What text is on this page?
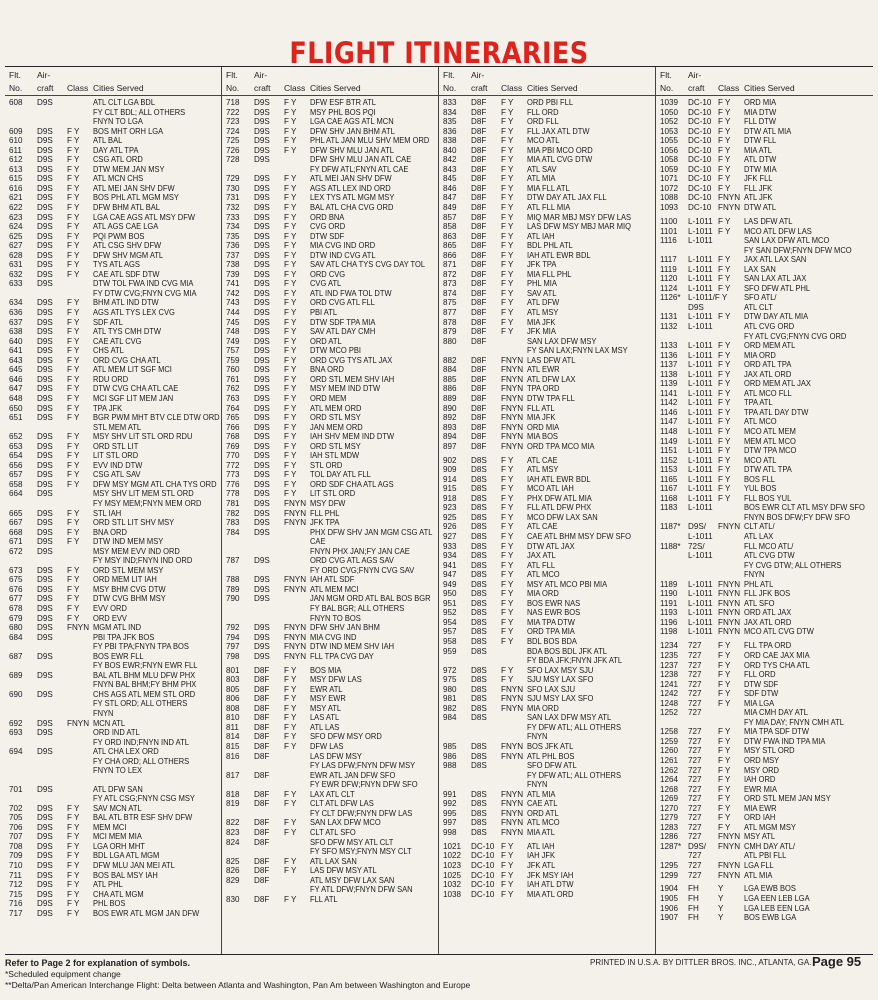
FLIGHT ITINERARIES
Flt.
No.
Air-
craft Class Cities Served
608	D9S	ATL CLT LGA BDL
FY CLT BDL; ALL OTHERS
FNYN TO LGA
609	D9S	F Y	BOS MHT ORH LGA
610	D9S	F Y	ATL BAL
611	D9S	F Y	DAY ATL TPA
612	D9S	F Y	CSG ATL ORD
613	D9S	F Y	DTW MEM JAN MSY
615	D9S	F Y	ATL MCN CHS
616	D9S	F Y	ATL MEI JAN SHV DFW
621	D9S	F Y	BOS PHL ATL MGM MSY
622	D9S	F Y	DFW BHM ATL BAL
623	D9S	F Y	LGA CAE AGS ATL MSY DFW
624	D9S	F Y	ATL AGS CAE LGA
625	D9S	F Y	PQI PWM BOS
627	D9S	F Y	ATL CSG SHV DFW
628	D9S	F Y	DFW SHV MGM ATL
631	D9S	F Y	TYS ATL AGS
632	D9S	F Y	CAE ATL SDF DTW
633	D9S	DTW TOL FWA IND CVG MIA
FY DTW CVG;FNYN CVG MIA
634	D9S	F Y	BHM ATL IND DTW
636	D9S	F Y	AGS ATL TYS LEX CVG
637	D9S	F Y	SDF ATL
638	D9S	F Y	ATL TYS CMH DTW
640	D9S	F Y	CAE ATL CVG
641	D9S	F Y	CHS ATL
643	D9S	F Y	ORD CVG CHA ATL
645	D9S	F Y	ATL MEM LIT SGF MCI
646	D9S	F Y	RDU ORD
647	D9S	F Y	DTW CVG CHA ATL CAE
648	D9S	F Y	MCI SGF LIT MEM JAN
650	D9S	F Y	TPA JFK
651	D9S	F Y	BGR PWM MHT BTV CLE DTW ORD
STL MEM ATL
652	D9S	F Y	MSY SHV LIT STL ORD RDU
653	D9S	F Y	ORD STL LIT
654	D9S	F Y	LIT STL ORD
656	D9S	F Y	EVV IND DTW
657	D9S	F Y	CSG ATL SAV
658	D9S	F Y	DFW MSY MGM ATL CHA TYS ORD
664	D9S	MSY SHV LIT MEM STL ORD
FY MSY MEM;FNYN MEM ORD
665	D9S	F Y	STL IAH
667	D9S	F Y	ORD STL LIT SHV MSY
668	D9S	F Y	BNA ORD
671	D9S	F Y	DTW IND MEM MSY
672	D9S	MSY MEM EVV IND ORD
FY MSY IND;FNYN IND ORD
673	D9S	F Y	ORD STL MEM MSY
675	D9S	F Y	ORD MEM LIT IAH
676	D9S	F Y	MSY BHM CVG DTW
677	D9S	F Y	DTW CVG BHM MSY
678	D9S	F Y	EVV ORD
679	D9S	F Y	ORD EVV
680	D9S	FNYN MGM ATL IND
684	D9S	PBI TPA JFK BOS
FY PBI TPA;FNYN TPA BOS
687	D9S	BOS EWR FLL
FY BOS EWR;FNYN EWR FLL
689	D9S	BAL ATL BHM MLU DFW PHX
FNYN BAL BHM;FY BHM PHX
690	D9S	CHS AGS ATL MEM STL ORD
FY STL ORD; ALL OTHERS
FNYN
692	D9S	FNYN MCN ATL
693	D9S	ORD IND ATL
FY ORD IND;FNYN IND ATL
694	D9S	ATL CHA LEX ORD
FY CHA ORD; ALL OTHERS
FNYN TO LEX
701	D9S	ATL DFW SAN
FY ATL CSG;FNYN CSG MSY
702	D9S	F Y	SAV MCN ATL
705	D9S	F Y	BAL ATL BTR ESF SHV DFW
706	D9S	F Y	MEM MCI
707	D9S	F Y	MCI MEM MIA
708	D9S	F Y	LGA ORH MHT
709	D9S	F Y	BDL LGA ATL MGM
710	D9S	F Y	DFW MLU JAN MEI ATL
711	D9S	F Y	BOS BAL MSY IAH
712	D9S	F Y	ATL PHL
715	D9S	F Y	CHA ATL MGM
716	D9S	F Y	PHL BOS
717	D9S	F Y	BOS EWR ATL MGM JAN DFW
Flt.
No.
Air-
craft Class Cities Served
718	D9S	F Y	DFW ESF BTR ATL
722	D9S	F Y	MSY PHL BOS PQI
723	D9S	F Y	LGA CAE AGS ATL MCN
724	D9S	F Y	DFW SHV JAN BHM ATL
725	D9S	F Y	PHL ATL JAN MLU SHV MEM ORD
726	D9S	F Y	DFW SHV MLU JAN ATL
728	D9S	DFW SHV MLU JAN ATL CAE
FY DFW ATL;FNYN ATL CAE
729	D9S	F Y	ATL MEI JAN SHV DFW
730	D9S	F Y	AGS ATL LEX IND ORD
731	D9S	F Y	LEX TYS ATL MGM MSY
732	D9S	F Y	BAL ATL CHA CVG ORD
733	D9S	F Y	ORD BNA
734	D9S	F Y	CVG ORD
735	D9S	F Y	DTW SDF
736	D9S	F Y	MIA CVG IND ORD
737	D9S	F Y	DTW IND CVG ATL
738	D9S	F Y	SAV ATL CHA TYS CVG DAY TOL
739	D9S	F Y	ORD CVG
741	D9S	F Y	CVG ATL
742	D9S	F Y	ATL IND FWA TOL DTW
743	D9S	F Y	ORD CVG ATL FLL
744	D9S	F Y	PBI ATL
745	D9S	F Y	DTW SDF TPA MIA
748	D9S	F Y	SAV ATL DAY CMH
749	D9S	F Y	ORD ATL
757	D9S	F Y	DTW MCO PBI
759	D9S	F Y	ORD CVG TYS ATL JAX
760	D9S	F Y	BNA ORD
761	D9S	F Y	ORD STL MEM SHV IAH
762	D9S	F Y	MSY MEM IND DTW
763	D9S	F Y	ORD MEM
764	D9S	F Y	ATL MEM ORD
765	D9S	F Y	ORD STL MSY
766	D9S	F Y	JAN MEM ORD
768	D9S	F Y	IAH SHV MEM IND DTW
769	D9S	F Y	ORD STL MSY
770	D9S	F Y	IAH STL MDW
772	D9S	F Y	STL ORD
773	D9S	F Y	TOL DAY ATL FLL
776	D9S	F Y	ORD SDF CHA ATL AGS
778	D9S	F Y	LIT STL ORD
781	D9S	FNYN MSY DFW
782	D9S	FNYN FLL PHL
783	D9S	FNYN JFK TPA
784	D9S	PHX DFW SHV JAN MGM CSG ATL
CAE
FNYN PHX JAN;FY JAN CAE
787	D9S	ORD CVG ATL AGS SAV
FY ORD CVG;FNYN CVG SAV
788	D9S	FNYN IAH ATL SDF
789	D9S	FNYN ATL MEM MCI
790	D9S	JAN MGM ORD ATL BAL BOS BGR
FY BAL BGR; ALL OTHERS
FNYN TO BOS
792	D9S	FNYN DFW SHV JAN BHM
794	D9S	FNYN MIA CVG IND
797	D9S	FNYN DTW IND MEM SHV IAH
798	D9S	FNYN FLL TPA CVG DAY
801	D8F	F Y	BOS MIA
803	D8F	F Y	MSY DFW LAS
805	D8F	F Y	EWR ATL
806	D8F	F Y	MSY EWR
808	D8F	F Y	MSY ATL
810	D8F	F Y	LAS ATL
811	D8F	F Y	ATL LAS
814	D8F	F Y	SFO DFW MSY ORD
815	D8F	F Y	DFW LAS
816	D8F	LAS DFW MSY
FY LAS DFW;FNYN DFW MSY
817	D8F	EWR ATL JAN DFW SFO
FY EWR DFW;FNYN DFW SFO
818	D8F	F Y	LAX ATL CLT
819	D8F	F Y	CLT ATL DFW LAS
FY CLT DFW;FNYN DFW LAS
822	D8F	F Y	SAN LAX DFW MCO
823	D8F	F Y	CLT ATL SFO
824	D8F	SFO DFW MSY ATL CLT
FY SFO MSY;FNYN MSY CLT
825	D8F	F Y	ATL LAX SAN
826	D8F	F Y	LAS DFW MSY ATL
829	D8F	ATL MSY DFW LAX SAN
FY ATL DFW;FNYN DFW SAN
830	D8F	F Y	FLL ATL
Flt.
No.
Air-
craft Class Cities Served
833	D8F	F Y	ORD PBI FLL
834	D8F	F Y	FLL ORD
835	D8F	F Y	ORD FLL
836	D8F	F Y	FLL JAX ATL DTW
838	D8F	F Y	MCO ATL
840	D8F	F Y	MIA PBI MCO ORD
842	D8F	F Y	MIA ATL CVG DTW
843	D8F	F Y	ATL SAV
845	D8F	F Y	ATL MIA
846	D8F	F Y	MIA FLL ATL
847	D8F	F Y	DTW DAY ATL JAX FLL
849	D8F	F Y	ATL FLL MIA
857	D8F	F Y	MIQ MAR MBJ MSY DFW LAS
858	D8F	F Y	LAS DFW MSY MBJ MAR MIQ
863	D8F	F Y	ATL IAH
865	D8F	F Y	BDL PHL ATL
866	D8F	F Y	IAH ATL EWR BDL
871	D8F	F Y	JFK TPA
872	D8F	F Y	MIA FLL PHL
873	D8F	F Y	PHL MIA
874	D8F	F Y	SAV ATL
875	D8F	F Y	ATL DFW
877	D8F	F Y	ATL MSY
878	D8F	F Y	MIA JFK
879	D8F	F Y	JFK MIA
880	D8F	SAN LAX DFW MSY
FY SAN LAX;FNYN LAX MSY
882	D8F	FNYN LAS DFW ATL
884	D8F	FNYN ATL EWR
885	D8F	FNYN ATL DFW LAX
886	D8F	FNYN TPA ORD
889	D8F	FNYN DTW TPA FLL
890	D8F	FNYN FLL ATL
892	D8F	FNYN MIA JFK
893	D8F	FNYN ORD MIA
894	D8F	FNYN MIA BOS
897	D8F	FNYN ORD TPA MCO MIA
902	D8S	F Y	ATL CAE
909	D8S	F Y	ATL MSY
914	D8S	F Y	IAH ATL EWR BDL
915	D8S	F Y	MCO ATL IAH
918	D8S	F Y	PHX DFW ATL MIA
923	D8S	F Y	FLL ATL DFW PHX
925	D8S	F Y	MCO DFW LAX SAN
926	D8S	F Y	ATL CAE
927	D8S	F Y	CAE ATL BHM MSY DFW SFO
933	D8S	F Y	DTW ATL JAX
934	D8S	F Y	JAX ATL
941	D8S	F Y	ATL FLL
947	D8S	F Y	ATL MCO
949	D8S	F Y	MSY ATL MCO PBI MIA
950	D8S	F Y	MIA ORD
951	D8S	F Y	BOS EWR NAS
952	D8S	F Y	NAS EWR BOS
954	D8S	F Y	MIA TPA DTW
957	D8S	F Y	ORD TPA MIA
958	D8S	F Y	BDL BOS BDA
959	D8S	BDA BOS BDL JFK ATL
FY BDA JFK;FNYN JFK ATL
972	D8S	F Y	SFO LAX MSY SJU
975	D8S	F Y	SJU MSY LAX SFO
980	D8S	FNYN SFO LAX SJU
981	D8S	FNYN SJU MSY LAX SFO
982	D8S	FNYN MIA ORD
984	D8S	SAN LAX DFW MSY ATL
FY DFW ATL; ALL OTHERS
FNYN
985	D8S	FNYN BOS JFK ATL
986	D8S	FNYN ATL PHL BOS
988	D8S	SFO DFW ATL
FY DFW ATL; ALL OTHERS
FNYN
991	D8S	FNYN ATL MIA
992	D8S	FNYN CAE ATL
995	D8S	FNYN ORD ATL
997	D8S	FNYN ATL MCO
998	D8S	FNYN MIA ATL
1021	DC-10 F Y	ATL IAH
1022	DC-10 F Y	IAH JFK
1023	DC-10 F Y	JFK ATL
1025	DC-10 F Y	JFK MSY IAH
1032	DC-10 F Y	IAH ATL DTW
1038	DC-10 F Y	MIA ATL ORD
Flt.
No.
Air-
craft Class Cities Served
1039	DC-10 F Y	ORD MIA
1050	DC-10 F Y	MIA DTW
1052	DC-10 F Y	FLL DTW
1053	DC-10 F Y	DTW ATL MIA
1055	DC-10 F Y	DTW FLL
1056	DC-10 F Y	MIA ATL
1058	DC-10 F Y	ATL DTW
1059	DC-10 F Y	DTW MIA
1071	DC-10 F Y	JFK FLL
1072	DC-10 F Y	FLL JFK
1088	DC-10 FNYN ATL JFK
1093	DC-10 FNYN DTW ATL
1100	L-1011 F Y	LAS DFW ATL
1101	L-1011 F Y	MCO ATL DFW LAS
1116	L-1011	SAN LAX DFW ATL MCO
FY SAN DFW;FNYN DFW MCO
1117	L-1011 F Y	JAX ATL LAX SAN
1119	L-1011 F Y	LAX SAN
1120	L-1011 F Y	SAN LAX ATL JAX
1124	L-1011 F Y	SFO DFW ATL PHL
1126* L-1011/F Y SFO ATL/
D9S	ATL CLT
1131	L-1011 F Y	DTW DAY ATL MIA
1132	L-1011	ATL CVG ORD
FY ATL CVG;FNYN CVG ORD
1133	L-1011 F Y	ORD MEM ATL
1136	L-1011 F Y	MIA ORD
1137	L-1011 F Y	ORD ATL TPA
1138	L-1011 F Y	JAX ATL ORD
1139	L-1011 F Y	ORD MEM ATL JAX
1141	L-1011 F Y	ATL MCO FLL
1142	L-1011 F Y	TPA ATL
1146	L-1011 F Y	TPA ATL DAY DTW
1147	L-1011 F Y	ATL MCO
1148	L-1011 F Y	MCO ATL MEM
1149	L-1011 F Y	MEM ATL MCO
1151	L-1011 F Y	DTW TPA MCO
1152	L-1011 F Y	MCO ATL
1153	L-1011 F Y	DTW ATL TPA
1165	L-1011 F Y	BOS FLL
1167	L-1011 F Y	YUL BOS
1168	L-1011 F Y	FLL BOS YUL
1183	L-1011	BOS EWR CLT ATL MSY DFW SFO
FNYN BOS DFW;FY DFW SFO
1187* D9S/	FNYN CLT ATL/
L-1011	ATL LAX
1188* 72S/	FLL MCO ATL/
L-1011	ATL CVG DTW
FY CVG DTW; ALL OTHERS
FNYN
1189	L-1011 FNYN PHL ATL
1190	L-1011 FNYN FLL JFK BOS
1191	L-1011 FNYN ATL SFO
1193	L-1011 FNYN ORD ATL JAX
1196	L-1011 FNYN JAX ATL ORD
1198	L-1011 FNYN MCO ATL CVG DTW
1234	727	F Y	FLL TPA ORD
1235	727	F Y	ORD CAE JAX MIA
1237	727	F Y	ORD TYS CHA ATL
1238	727	F Y	FLL ORD
1241	727	F Y	DTW SDF
1242	727	F Y	SDF DTW
1248	727	F Y	MIA LGA
1252	727	MIA CMH DAY ATL
FY MIA DAY; FNYN CMH ATL
1258	727	F Y	MIA TPA SDF DTW
1259	727	F Y	DTW FWA IND TPA MIA
1260	727	F Y	MSY STL ORD
1261	727	F Y	ORD MSY
1262	727	F Y	MSY ORD
1264	727	F Y	IAH ORD
1268	727	F Y	EWR MIA
1269	727	F Y	ORD STL MEM JAN MSY
1270	727	F Y	MIA EWR
1279	727	F Y	ORD IAH
1283	727	F Y	ATL MGM MSY
1286	727	FNYN MSY ATL
1287* D9S/	FNYN CMH DAY ATL/
727	ATL PBI FLL
1295	727	FNYN LGA FLL
1299	727	FNYN ATL MIA
1904	FH	Y	LGA EWB BOS
1905	FH	Y	LGA EEN LEB LGA
1906	FH	Y	LGA LEB EEN LGA
1907	FH	Y	BOS EWB LGA
Refer to Page 2 for explanation of symbols.
*Scheduled equipment change
**Delta/Pan American Interchange Flight: Delta between Atlanta and Washington, Pan Am between Washington and Europe
PRINTED IN U.S.A. BY DITTLER BROS. INC., ATLANTA, GA. Page 95
